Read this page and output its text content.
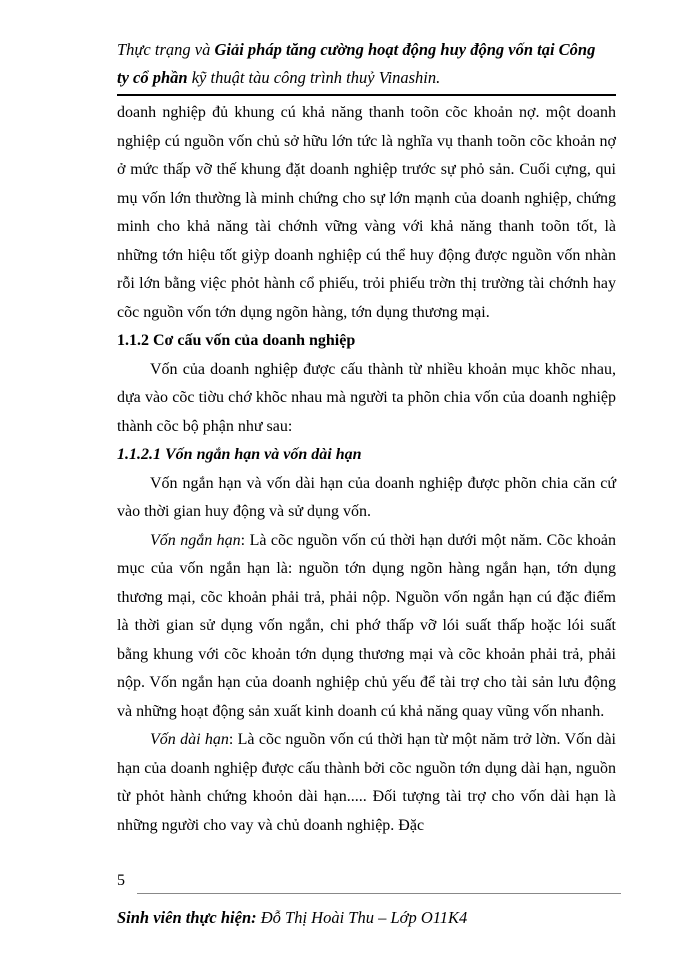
Thực trạng và Giải pháp tăng cường hoạt động huy động vốn tại Công
ty cổ phần kỹ thuật tàu công trình thuỷ Vinashin.

doanh nghiệp đủ khung cú khả năng thanh toõn cõc khoản nợ. một doanh nghiệp cú nguồn vốn chủ sở hữu lớn tức là nghĩa vụ thanh toõn cõc khoản nợ ở mức thấp vỡ thế khung đặt doanh nghiệp trước sự phỏ sản. Cuối cựng, qui mụ vốn lớn thường là minh chứng cho sự lớn mạnh của doanh nghiệp, chứng minh cho khả năng tài chớnh vững vàng với khả năng thanh toõn tốt, là những tớn hiệu tốt giỳp doanh nghiệp cú thể huy động được nguồn vốn nhàn rỗi lớn bằng việc phỏt hành cổ phiếu, trỏi phiếu trờn thị trường tài chớnh hay cõc nguồn vốn tớn dụng ngõn hàng, tớn dụng thương mại.

1.1.2 Cơ cấu vốn của doanh nghiệp

Vốn của doanh nghiệp được cấu thành từ nhiều khoản mục khõc nhau, dựa vào cõc tiờu chớ khõc nhau mà người ta phõn chia vốn của doanh nghiệp thành cõc bộ phận như sau:

1.1.2.1 Vốn ngắn hạn và vốn dài hạn

Vốn ngắn hạn và vốn dài hạn của doanh nghiệp được phõn chia căn cứ vào thời gian huy động và sử dụng vốn.

Vốn ngắn hạn: Là cõc nguồn vốn cú thời hạn dưới một năm. Cõc khoản mục của vốn ngắn hạn là: nguồn tớn dụng ngõn hàng ngắn hạn, tớn dụng thương mại, cõc khoản phải trả, phải nộp. Nguồn vốn ngắn hạn cú đặc điểm là thời gian sử dụng vốn ngắn, chi phớ thấp vỡ lói suất thấp hoặc lói suất bằng khung với cõc khoản tớn dụng thương mại và cõc khoản phải trả, phải nộp. Vốn ngắn hạn của doanh nghiệp chủ yếu để tài trợ cho tài sản lưu động và những hoạt động sản xuất kinh doanh cú khả năng quay vũng vốn nhanh.

Vốn dài hạn: Là cõc nguồn vốn cú thời hạn từ một năm trở lờn. Vốn dài hạn của doanh nghiệp được cấu thành bởi cõc nguồn tớn dụng dài hạn, nguồn từ phỏt hành chứng khoỏn dài hạn..... Đối tượng tài trợ cho vốn dài hạn là những người cho vay và chủ doanh nghiệp. Đặc

5
Sinh viên thực hiện: Đỗ Thị Hoài Thu – Lớp O11K4
